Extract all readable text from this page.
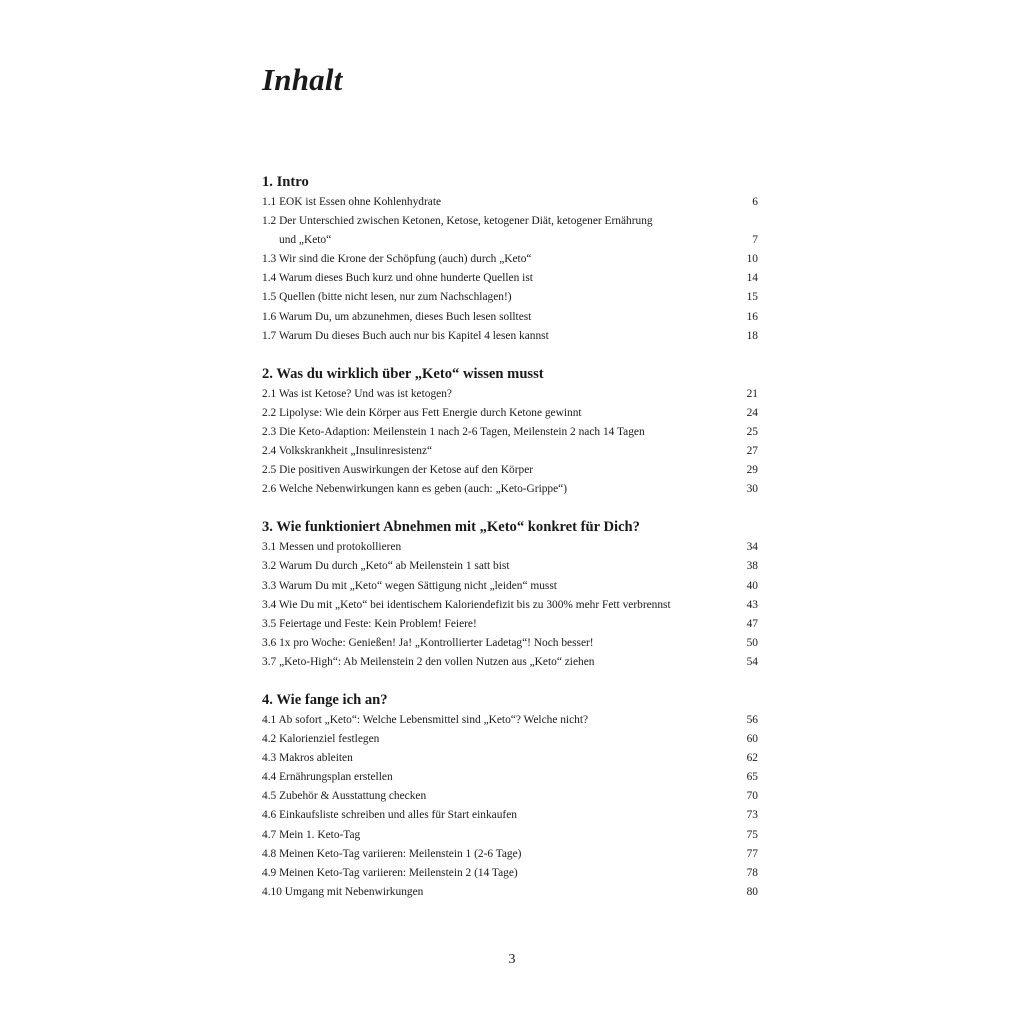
Inhalt
1. Intro
1.1 EOK ist Essen ohne Kohlenhydrate	6
1.2 Der Unterschied zwischen Ketonen, Ketose, ketogener Diät, ketogener Ernährung
und „Keto“	7
1.3 Wir sind die Krone der Schöpfung (auch) durch „Keto“	10
1.4 Warum dieses Buch kurz und ohne hunderte Quellen ist	14
1.5 Quellen (bitte nicht lesen, nur zum Nachschlagen!)	15
1.6 Warum Du, um abzunehmen, dieses Buch lesen solltest	16
1.7 Warum Du dieses Buch auch nur bis Kapitel 4 lesen kannst	18
2. Was du wirklich über „Keto“ wissen musst
2.1 Was ist Ketose? Und was ist ketogen?	21
2.2 Lipolyse: Wie dein Körper aus Fett Energie durch Ketone gewinnt	24
2.3 Die Keto-Adaption: Meilenstein 1 nach 2-6 Tagen, Meilenstein 2 nach 14 Tagen	25
2.4 Volkskrankheit „Insulinresistenz“	27
2.5 Die positiven Auswirkungen der Ketose auf den Körper	29
2.6 Welche Nebenwirkungen kann es geben (auch: „Keto-Grippe“)	30
3. Wie funktioniert Abnehmen mit „Keto“ konkret für Dich?
3.1 Messen und protokollieren	34
3.2 Warum Du durch „Keto“ ab Meilenstein 1 satt bist	38
3.3 Warum Du mit „Keto“ wegen Sättigung nicht „leiden“ musst	40
3.4 Wie Du mit „Keto“ bei identischem Kaloriendefizit bis zu 300% mehr Fett verbrennst	43
3.5 Feiertage und Feste: Kein Problem! Feiere!	47
3.6 1x pro Woche: Genießen! Ja! „Kontrollierter Ladetag“! Noch besser!	50
3.7 „Keto-High“: Ab Meilenstein 2 den vollen Nutzen aus „Keto“ ziehen	54
4. Wie fange ich an?
4.1 Ab sofort „Keto“: Welche Lebensmittel sind „Keto“? Welche nicht?	56
4.2 Kalorienziel festlegen	60
4.3 Makros ableiten	62
4.4 Ernährungsplan erstellen	65
4.5 Zubehör & Ausstattung checken	70
4.6 Einkaufsliste schreiben und alles für Start einkaufen	73
4.7 Mein 1. Keto-Tag	75
4.8 Meinen Keto-Tag variieren: Meilenstein 1 (2-6 Tage)	77
4.9 Meinen Keto-Tag variieren: Meilenstein 2 (14 Tage)	78
4.10 Umgang mit Nebenwirkungen	80
3
